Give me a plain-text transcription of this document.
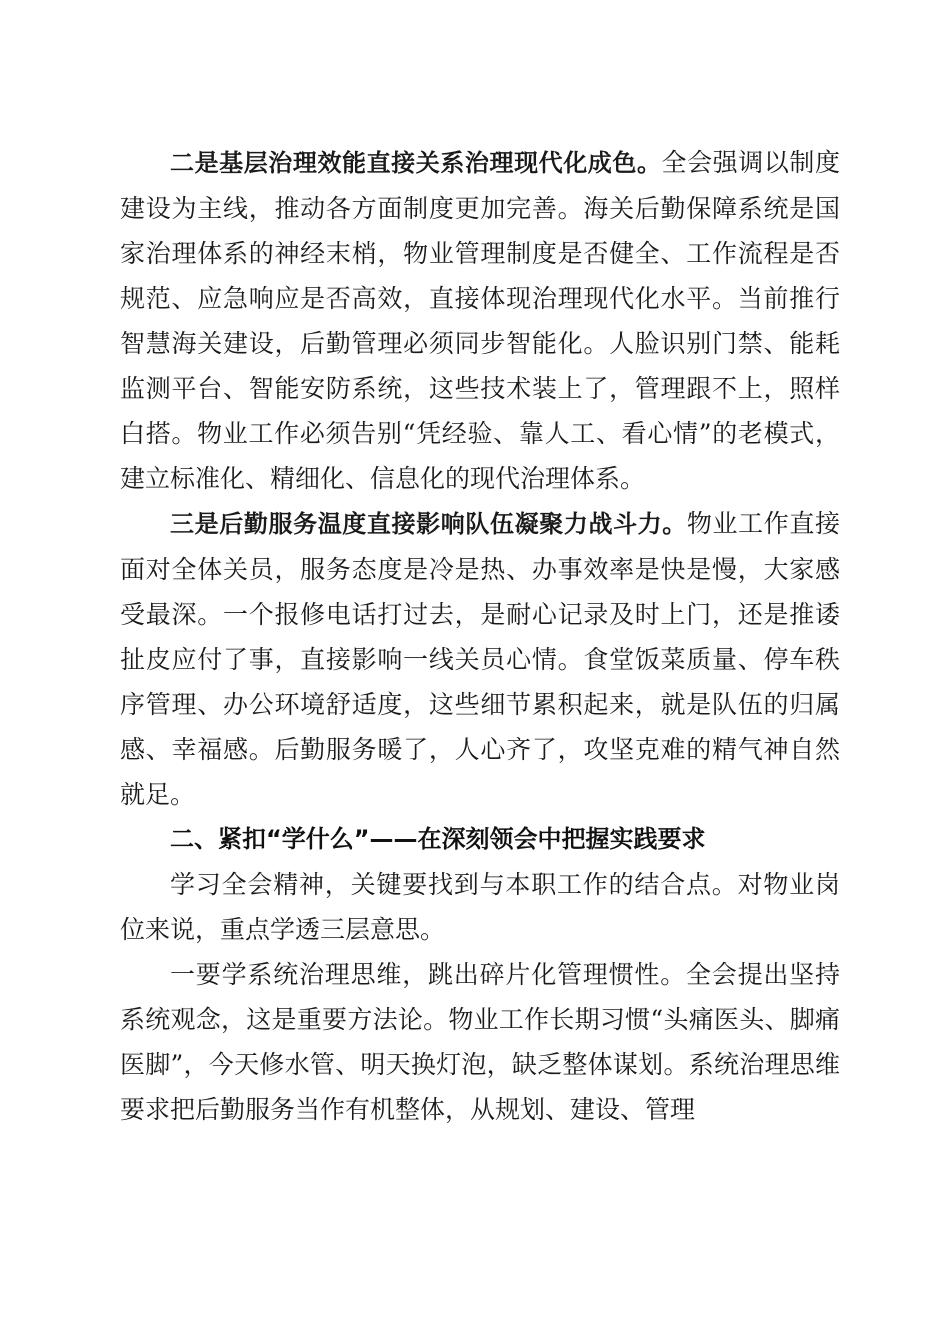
二是基层治理效能直接关系治理现代化成色。全会强调以制度建设为主线，推动各方面制度更加完善。海关后勤保障系统是国家治理体系的神经末梢，物业管理制度是否健全、工作流程是否规范、应急响应是否高效，直接体现治理现代化水平。当前推行智慧海关建设，后勤管理必须同步智能化。人脸识别门禁、能耗监测平台、智能安防系统，这些技术装上了，管理跟不上，照样白搭。物业工作必须告别“凭经验、靠人工、看心情”的老模式，建立标准化、精细化、信息化的现代治理体系。

三是后勤服务温度直接影响队伍凝聚力战斗力。物业工作直接面对全体关员，服务态度是冷是热、办事效率是快是慢，大家感受最深。一个报修电话打过去，是耐心记录及时上门，还是推诿扯皮应付了事，直接影响一线关员心情。食堂饭菜质量、停车秩序管理、办公环境舒适度，这些细节累积起来，就是队伍的归属感、幸福感。后勤服务暖了，人心齐了，攻坚克难的精气神自然就足。

二、紧扣“学什么”——在深刻领会中把握实践要求

学习全会精神，关键要找到与本职工作的结合点。对物业岗位来说，重点学透三层意思。

一要学系统治理思维，跳出碎片化管理惯性。全会提出坚持系统观念，这是重要方法论。物业工作长期习惯“头痛医头、脚痛医脚”，今天修水管、明天换灯泡，缺乏整体谋划。系统治理思维要求把后勤服务当作有机整体，从规划、建设、管理
